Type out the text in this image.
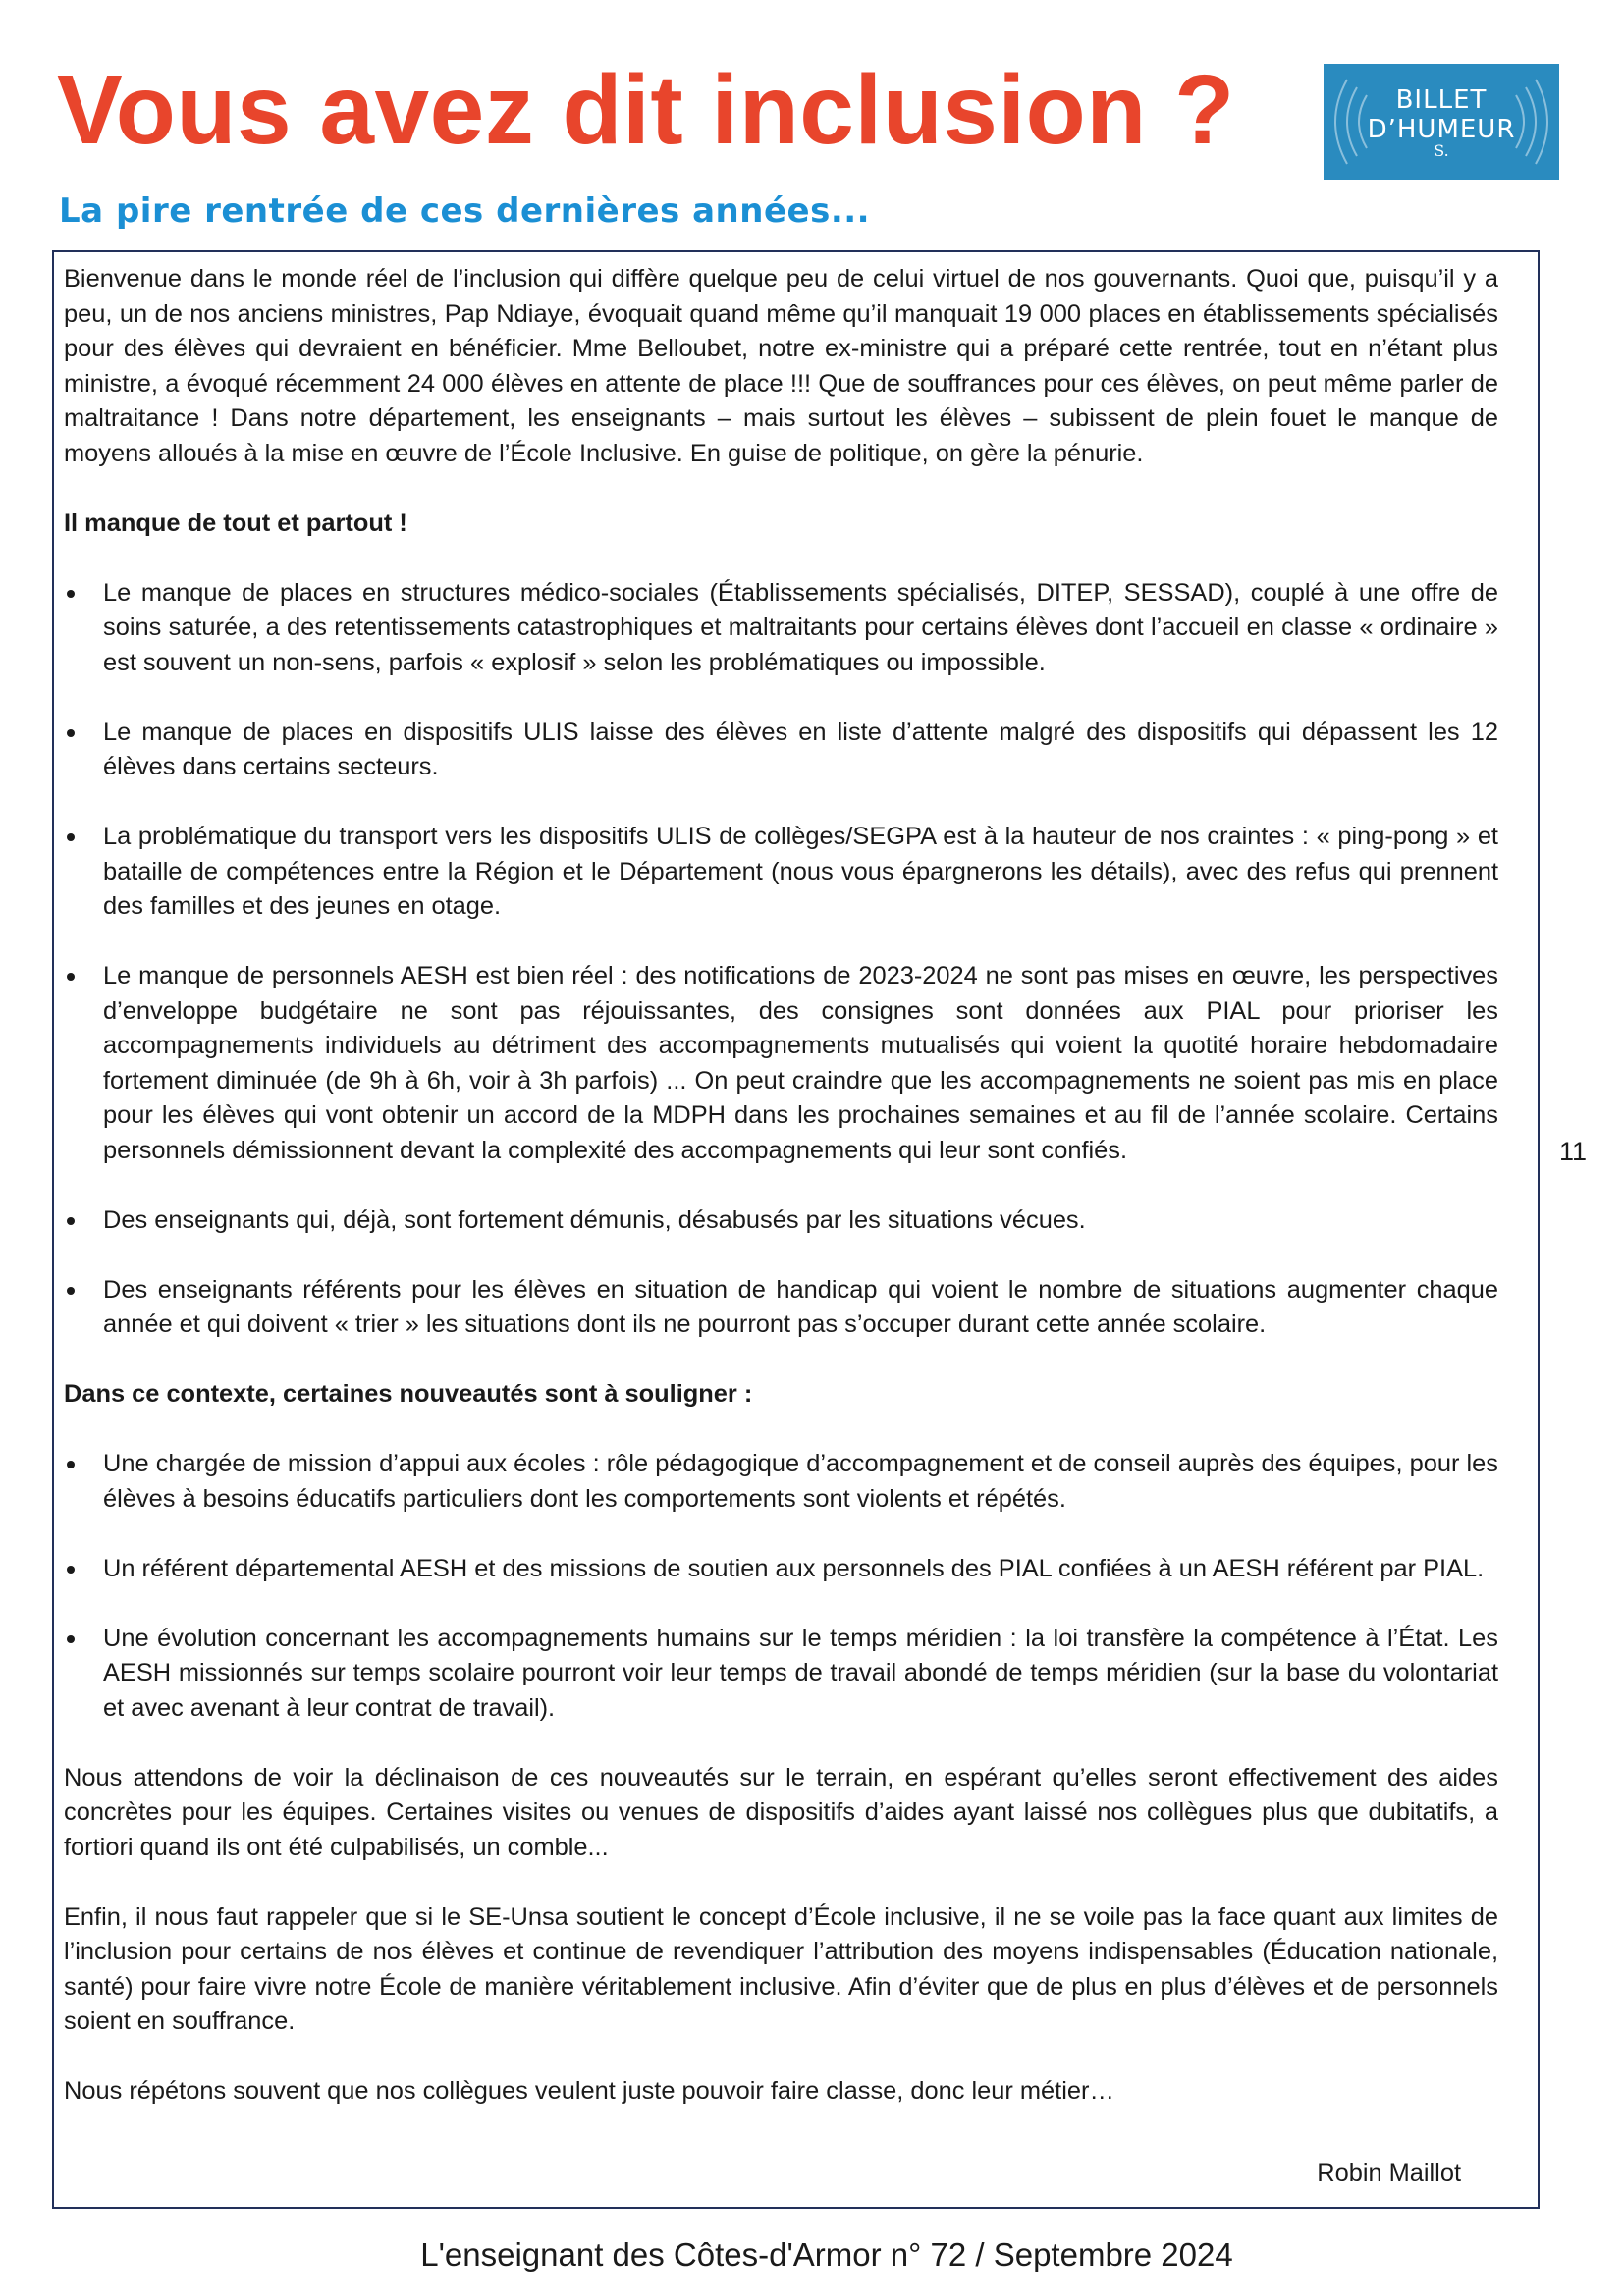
Vous avez dit inclusion ?
La pire rentrée de ces dernières années...
BILLET
D’HUMEUR
S.

Bienvenue dans le monde réel de l’inclusion qui diffère quelque peu de celui virtuel de nos gouvernants. Quoi que, puisqu’il y a peu, un de nos anciens ministres, Pap Ndiaye, évoquait quand même qu’il manquait 19 000 places en établissements spécialisés pour des élèves qui devraient en bénéficier. Mme Belloubet, notre ex-ministre qui a préparé cette rentrée, tout en n’étant plus ministre, a évoqué récemment 24 000 élèves en attente de place !!! Que de souffrances pour ces élèves, on peut même parler de maltraitance ! Dans notre département, les enseignants – mais surtout les élèves – subissent de plein fouet le manque de moyens alloués à la mise en œuvre de l’École Inclusive. En guise de politique, on gère la pénurie.

Il manque de tout et partout !

Le manque de places en structures médico-sociales (Établissements spécialisés, DITEP, SESSAD), couplé à une offre de soins saturée, a des retentissements catastrophiques et maltraitants pour certains élèves dont l’accueil en classe « ordinaire » est souvent un non-sens, parfois « explosif » selon les problématiques ou impossible.
Le manque de places en dispositifs ULIS laisse des élèves en liste d’attente malgré des dispositifs qui dépassent les 12 élèves dans certains secteurs.
La problématique du transport vers les dispositifs ULIS de collèges/SEGPA est à la hauteur de nos craintes : « ping-pong » et bataille de compétences entre la Région et le Département (nous vous épargnerons les détails), avec des refus qui prennent des familles et des jeunes en otage.
Le manque de personnels AESH est bien réel : des notifications de 2023-2024 ne sont pas mises en œuvre, les perspectives d’enveloppe budgétaire ne sont pas réjouissantes, des consignes sont données aux PIAL pour prioriser les accompagnements individuels au détriment des accompagnements mutualisés qui voient la quotité horaire hebdomadaire fortement diminuée (de 9h à 6h, voir à 3h parfois) ... On peut craindre que les accompagnements ne soient pas mis en place pour les élèves qui vont obtenir un accord de la MDPH dans les prochaines semaines et au fil de l’année scolaire. Certains personnels démissionnent devant la complexité des accompagnements qui leur sont confiés.
Des enseignants qui, déjà, sont fortement démunis, désabusés par les situations vécues.
Des enseignants référents pour les élèves en situation de handicap qui voient le nombre de situations augmenter chaque année et qui doivent « trier » les situations dont ils ne pourront pas s’occuper durant cette année scolaire.

Dans ce contexte, certaines nouveautés sont à souligner :

Une chargée de mission d’appui aux écoles : rôle pédagogique d’accompagnement et de conseil auprès des équipes, pour les élèves à besoins éducatifs particuliers dont les comportements sont violents et répétés.
Un référent départemental AESH et des missions de soutien aux personnels des PIAL confiées à un AESH référent par PIAL.
Une évolution concernant les accompagnements humains sur le temps méridien : la loi transfère la compétence à l’État. Les AESH missionnés sur temps scolaire pourront voir leur temps de travail abondé de temps méridien (sur la base du volontariat et avec avenant à leur contrat de travail).

Nous attendons de voir la déclinaison de ces nouveautés sur le terrain, en espérant qu’elles seront effectivement des aides concrètes pour les équipes. Certaines visites ou venues de dispositifs d’aides ayant laissé nos collègues plus que dubitatifs, a fortiori quand ils ont été culpabilisés, un comble...

Enfin, il nous faut rappeler que si le SE-Unsa soutient le concept d’École inclusive, il ne se voile pas la face quant aux limites de l’inclusion pour certains de nos élèves et continue de revendiquer l’attribution des moyens indispensables (Éducation nationale, santé) pour faire vivre notre École de manière véritablement inclusive. Afin d’éviter que de plus en plus d’élèves et de personnels soient en souffrance.

Nous répétons souvent que nos collègues veulent juste pouvoir faire classe, donc leur métier…

Robin Maillot
11
L'enseignant des Côtes-d'Armor n° 72 / Septembre 2024
